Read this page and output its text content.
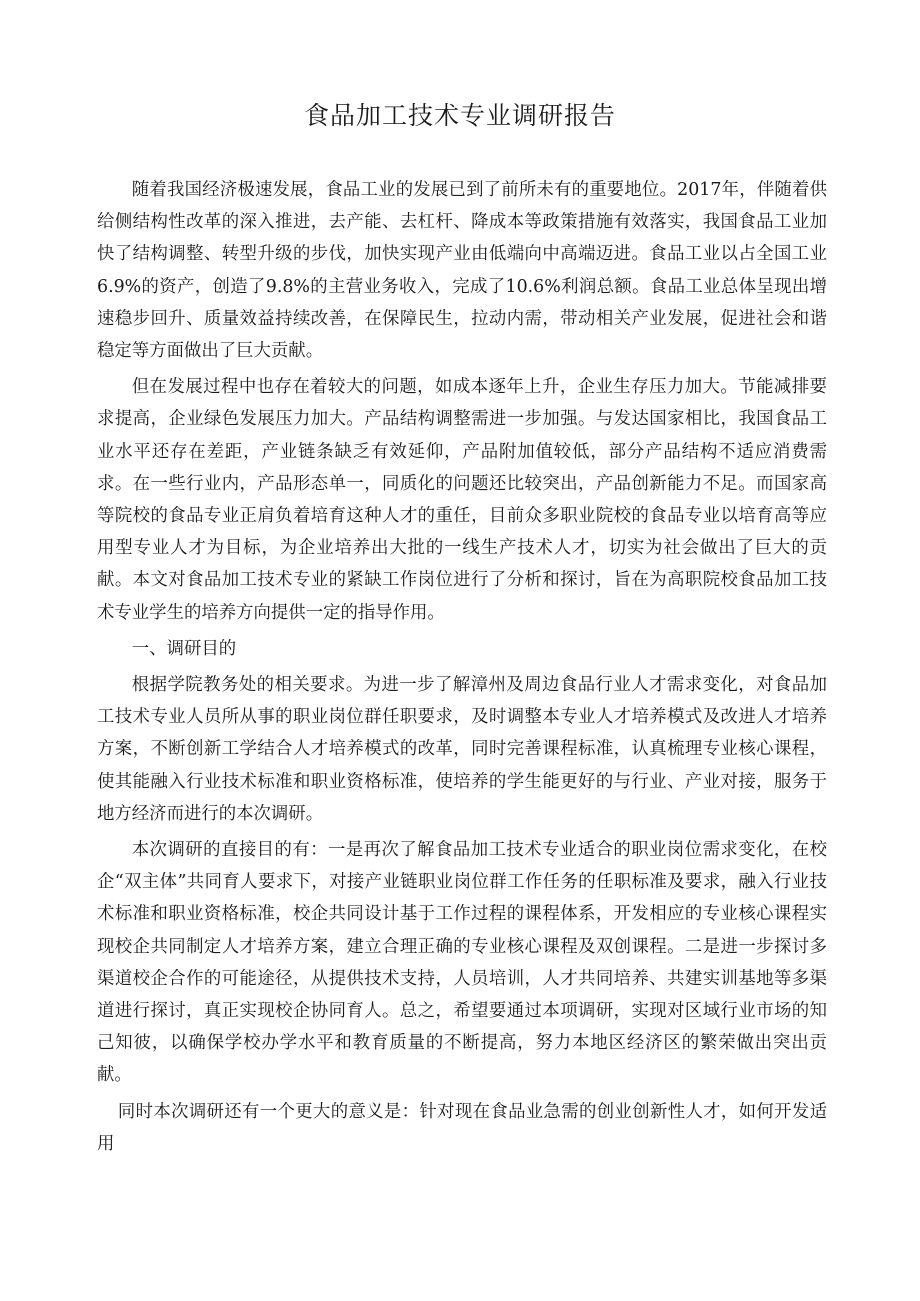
食品加工技术专业调研报告

随着我国经济极速发展，食品工业的发展已到了前所未有的重要地位。2017年，伴随着供给侧结构性改革的深入推进，去产能、去杠杆、降成本等政策措施有效落实，我国食品工业加快了结构调整、转型升级的步伐，加快实现产业由低端向中高端迈进。食品工业以占全国工业6.9%的资产，创造了9.8%的主营业务收入，完成了10.6%利润总额。食品工业总体呈现出增速稳步回升、质量效益持续改善，在保障民生，拉动内需，带动相关产业发展，促进社会和谐稳定等方面做出了巨大贡献。

但在发展过程中也存在着较大的问题，如成本逐年上升，企业生存压力加大。节能减排要求提高，企业绿色发展压力加大。产品结构调整需进一步加强。与发达国家相比，我国食品工业水平还存在差距，产业链条缺乏有效延仰，产品附加值较低，部分产品结构不适应消费需求。在一些行业内，产品形态单一，同质化的问题还比较突出，产品创新能力不足。而国家高等院校的食品专业正肩负着培育这种人才的重任，目前众多职业院校的食品专业以培育高等应用型专业人才为目标，为企业培养出大批的一线生产技术人才，切实为社会做出了巨大的贡献。本文对食品加工技术专业的紧缺工作岗位进行了分析和探讨，旨在为高职院校食品加工技术专业学生的培养方向提供一定的指导作用。

一、调研目的

根据学院教务处的相关要求。为进一步了解漳州及周边食品行业人才需求变化，对食品加工技术专业人员所从事的职业岗位群任职要求，及时调整本专业人才培养模式及改进人才培养方案，不断创新工学结合人才培养模式的改革，同时完善课程标准，认真梳理专业核心课程，使其能融入行业技术标准和职业资格标准，使培养的学生能更好的与行业、产业对接，服务于地方经济而进行的本次调研。

本次调研的直接目的有：一是再次了解食品加工技术专业适合的职业岗位需求变化，在校企“双主体”共同育人要求下，对接产业链职业岗位群工作任务的任职标准及要求，融入行业技术标准和职业资格标准，校企共同设计基于工作过程的课程体系，开发相应的专业核心课程实现校企共同制定人才培养方案，建立合理正确的专业核心课程及双创课程。二是进一步探讨多渠道校企合作的可能途径，从提供技术支持，人员培训，人才共同培养、共建实训基地等多渠道进行探讨，真正实现校企协同育人。总之，希望要通过本项调研，实现对区域行业市场的知己知彼，以确保学校办学水平和教育质量的不断提高，努力本地区经济区的繁荣做出突出贡献。

同时本次调研还有一个更大的意义是：针对现在食品业急需的创业创新性人才，如何开发适用
